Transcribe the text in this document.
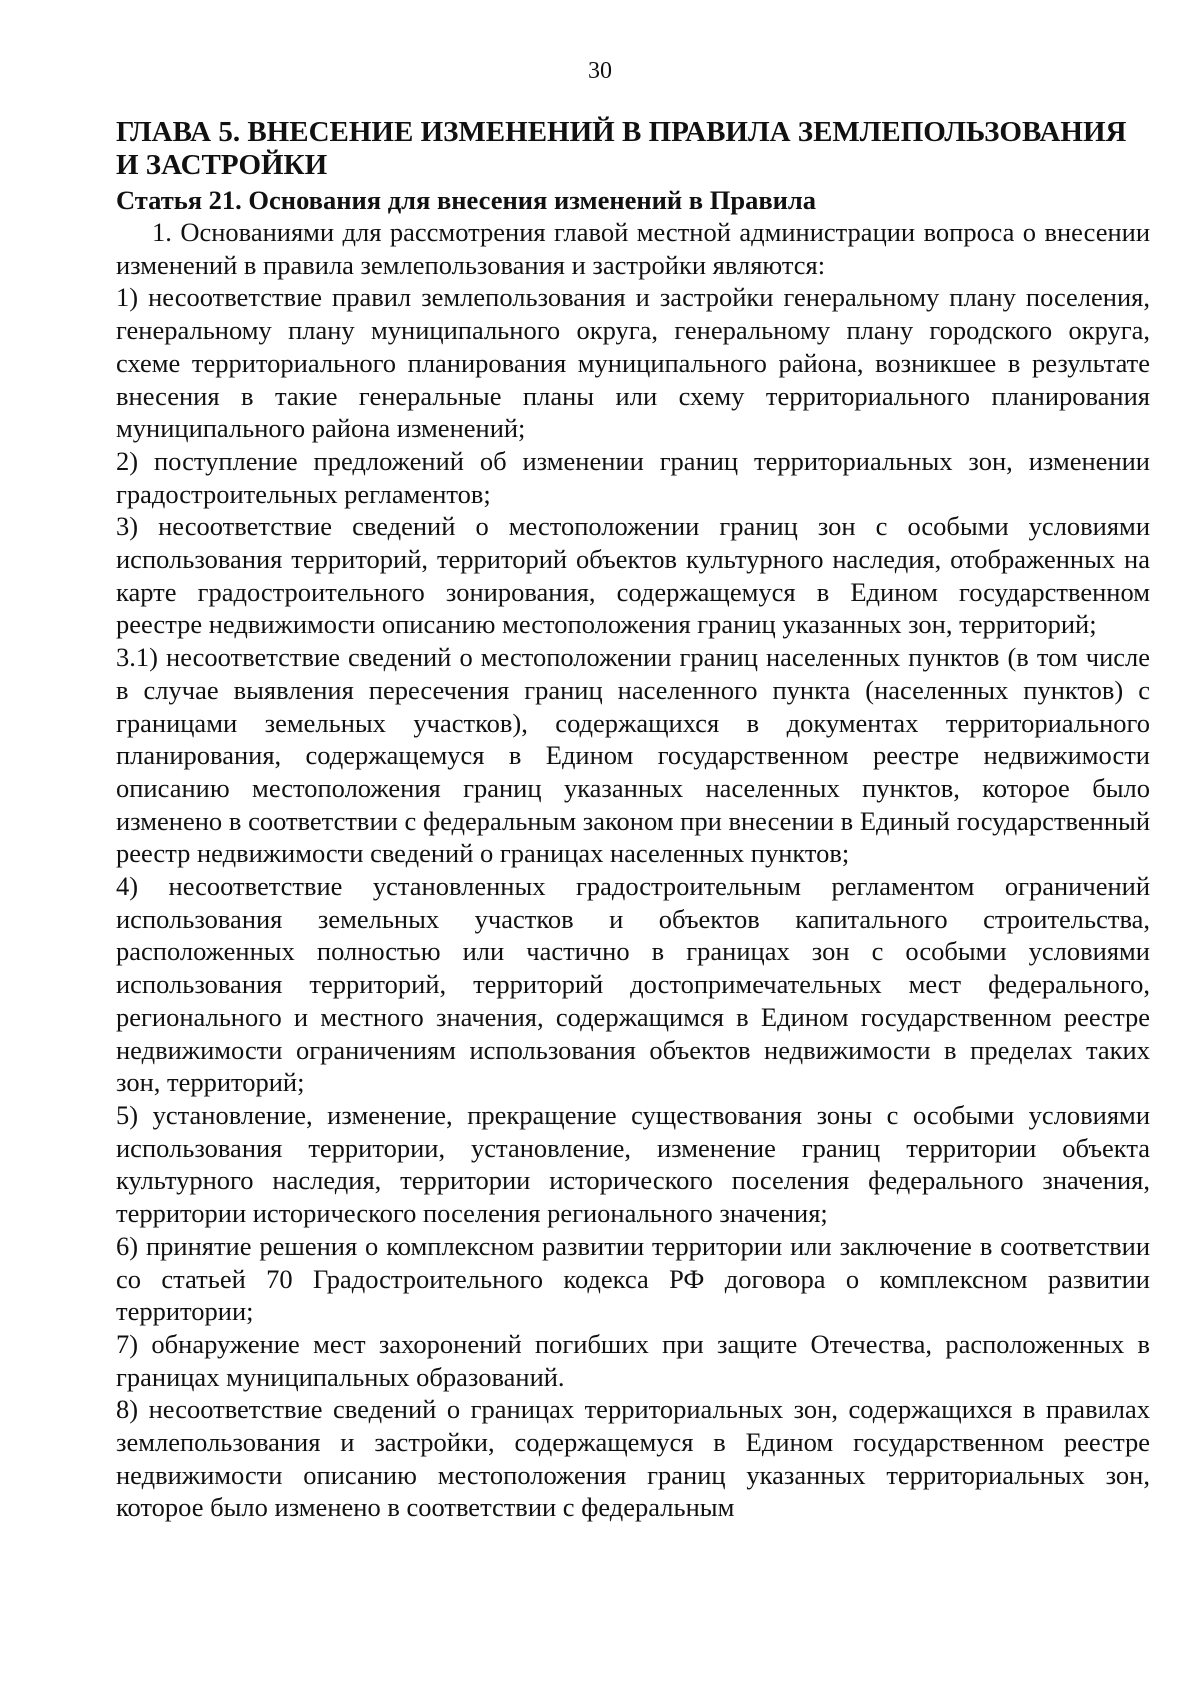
30
ГЛАВА 5. ВНЕСЕНИЕ ИЗМЕНЕНИЙ В ПРАВИЛА ЗЕМЛЕПОЛЬЗОВАНИЯ И ЗАСТРОЙКИ
Статья 21. Основания для внесения изменений в Правила

1. Основаниями для рассмотрения главой местной администрации вопроса о внесении изменений в правила землепользования и застройки являются:

1) несоответствие правил землепользования и застройки генеральному плану поселения, генеральному плану муниципального округа, генеральному плану городского округа, схеме территориального планирования муниципального района, возникшее в результате внесения в такие генеральные планы или схему территориального планирования муниципального района изменений;

2) поступление предложений об изменении границ территориальных зон, изменении градостроительных регламентов;

3) несоответствие сведений о местоположении границ зон с особыми условиями использования территорий, территорий объектов культурного наследия, отображенных на карте градостроительного зонирования, содержащемуся в Едином государственном реестре недвижимости описанию местоположения границ указанных зон, территорий;

3.1) несоответствие сведений о местоположении границ населенных пунктов (в том числе в случае выявления пересечения границ населенного пункта (населенных пунктов) с границами земельных участков), содержащихся в документах территориального планирования, содержащемуся в Едином государственном реестре недвижимости описанию местоположения границ указанных населенных пунктов, которое было изменено в соответствии с федеральным законом при внесении в Единый государственный реестр недвижимости сведений о границах населенных пунктов;

4) несоответствие установленных градостроительным регламентом ограничений использования земельных участков и объектов капитального строительства, расположенных полностью или частично в границах зон с особыми условиями использования территорий, территорий достопримечательных мест федерального, регионального и местного значения, содержащимся в Едином государственном реестре недвижимости ограничениям использования объектов недвижимости в пределах таких зон, территорий;

5) установление, изменение, прекращение существования зоны с особыми условиями использования территории, установление, изменение границ территории объекта культурного наследия, территории исторического поселения федерального значения, территории исторического поселения регионального значения;

6) принятие решения о комплексном развитии территории или заключение в соответствии со статьей 70 Градостроительного кодекса РФ договора о комплексном развитии территории;

7) обнаружение мест захоронений погибших при защите Отечества, расположенных в границах муниципальных образований.

8) несоответствие сведений о границах территориальных зон, содержащихся в правилах землепользования и застройки, содержащемуся в Едином государственном реестре недвижимости описанию местоположения границ указанных территориальных зон, которое было изменено в соответствии с федеральным
